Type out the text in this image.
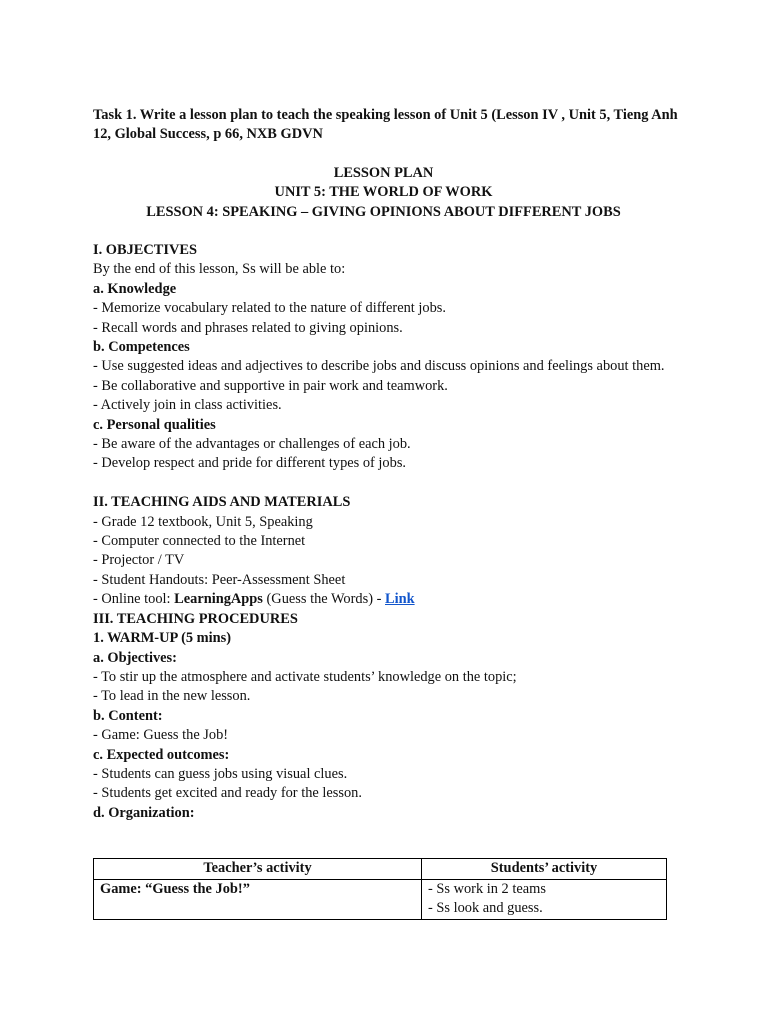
Task 1. Write a lesson plan to teach the speaking lesson of Unit 5 (Lesson IV , Unit 5, Tieng Anh 12, Global Success, p 66, NXB GDVN
LESSON PLAN
UNIT 5: THE WORLD OF WORK
LESSON 4: SPEAKING – GIVING OPINIONS ABOUT DIFFERENT JOBS
I. OBJECTIVES
By the end of this lesson, Ss will be able to:
a. Knowledge
- Memorize vocabulary related to the nature of different jobs.
- Recall words and phrases related to giving opinions.
b. Competences
- Use suggested ideas and adjectives to describe jobs and discuss opinions and feelings about them.
- Be collaborative and supportive in pair work and teamwork.
- Actively join in class activities.
c. Personal qualities
- Be aware of the advantages or challenges of each job.
- Develop respect and pride for different types of jobs.
II. TEACHING AIDS AND MATERIALS
- Grade 12 textbook, Unit 5, Speaking
- Computer connected to the Internet
- Projector / TV
- Student Handouts: Peer-Assessment Sheet
- Online tool: LearningApps (Guess the Words) - Link
III. TEACHING PROCEDURES
1. WARM-UP (5 mins)
a. Objectives:
- To stir up the atmosphere and activate students’ knowledge on the topic;
- To lead in the new lesson.
b. Content:
- Game: Guess the Job!
c. Expected outcomes:
- Students can guess jobs using visual clues.
- Students get excited and ready for the lesson.
d. Organization:
Teacher’s activity	Students’ activity
Game: “Guess the Job!”	- Ss work in 2 teams
- Ss look and guess.
